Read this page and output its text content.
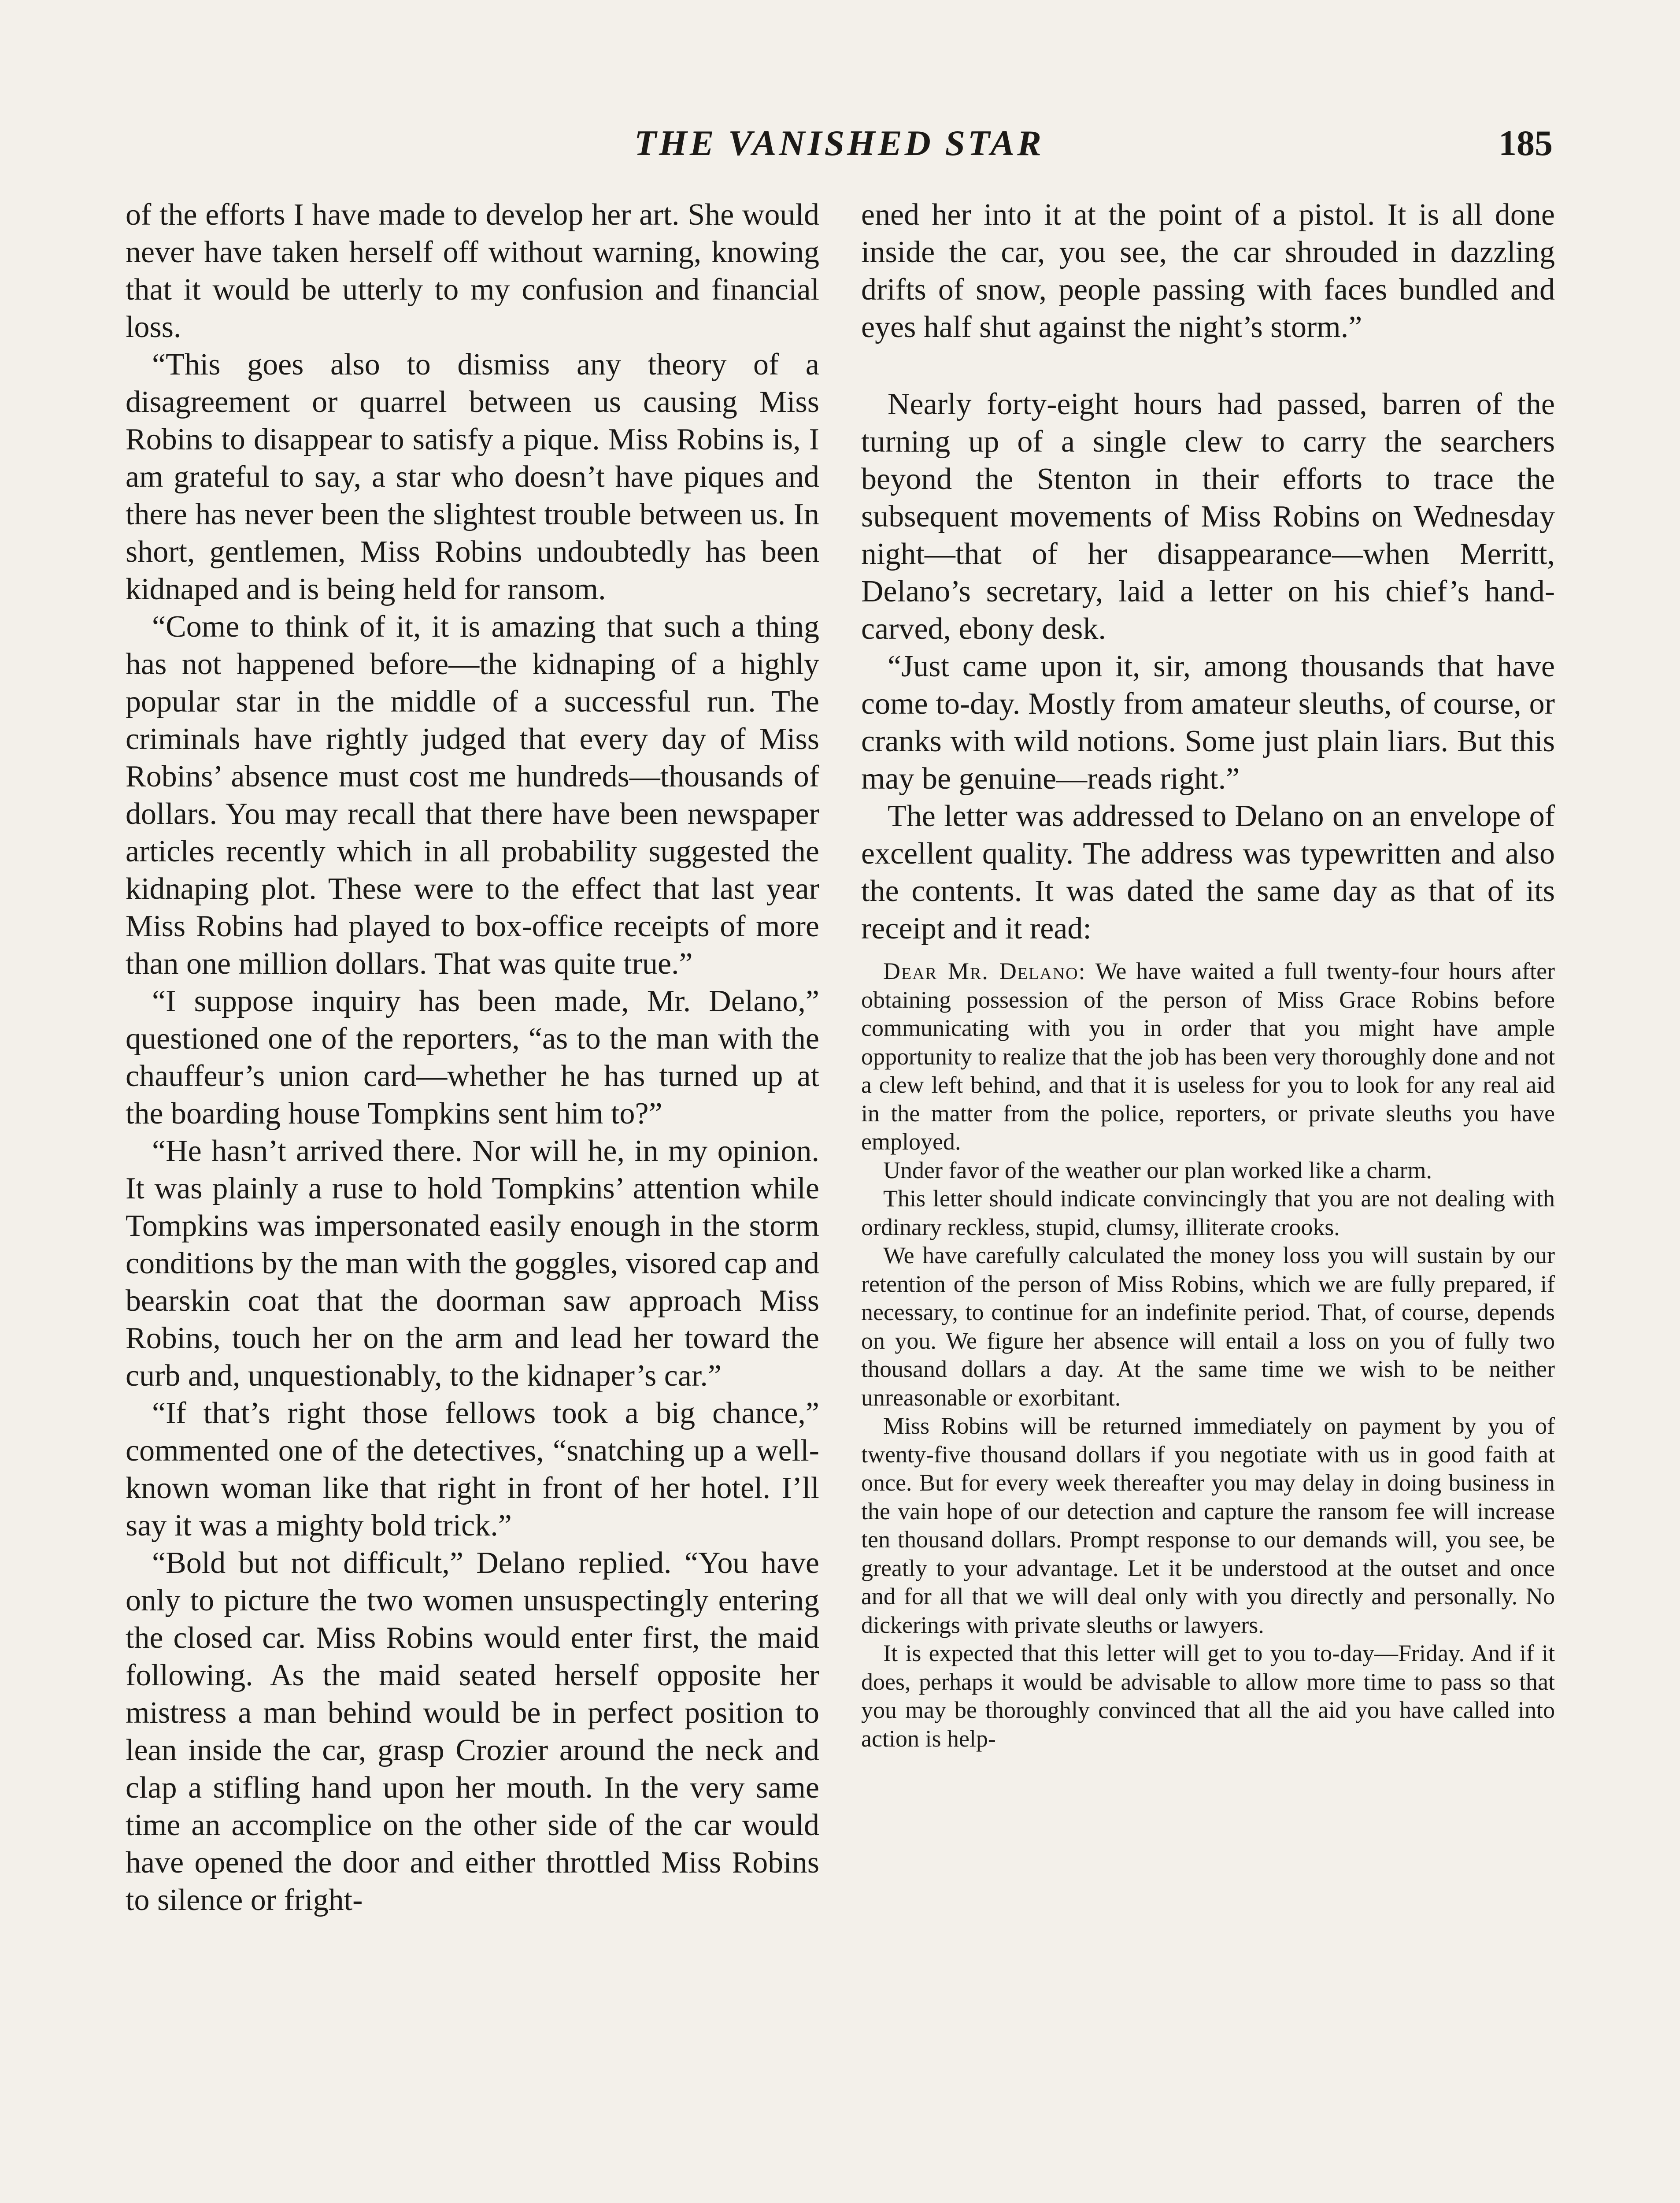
THE VANISHED STAR	185

of the efforts I have made to develop her art. She would never have taken herself off without warning, knowing that it would be utterly to my confusion and financial loss.

“This goes also to dismiss any theory of a disagreement or quarrel between us causing Miss Robins to disappear to satisfy a pique. Miss Robins is, I am grateful to say, a star who doesn’t have piques and there has never been the slightest trouble between us. In short, gentlemen, Miss Robins undoubtedly has been kidnaped and is being held for ransom.

“Come to think of it, it is amazing that such a thing has not happened before—the kidnaping of a highly popular star in the middle of a successful run. The criminals have rightly judged that every day of Miss Robins’ absence must cost me hundreds—thousands of dollars. You may recall that there have been newspaper articles recently which in all probability suggested the kidnaping plot. These were to the effect that last year Miss Robins had played to box-office receipts of more than one million dollars. That was quite true.”

“I suppose inquiry has been made, Mr. Delano,” questioned one of the reporters, “as to the man with the chauffeur’s union card—whether he has turned up at the boarding house Tompkins sent him to?”

“He hasn’t arrived there. Nor will he, in my opinion. It was plainly a ruse to hold Tompkins’ attention while Tompkins was impersonated easily enough in the storm conditions by the man with the goggles, visored cap and bearskin coat that the doorman saw approach Miss Robins, touch her on the arm and lead her toward the curb and, unquestionably, to the kidnaper’s car.”

“If that’s right those fellows took a big chance,” commented one of the detectives, “snatching up a well-known woman like that right in front of her hotel. I’ll say it was a mighty bold trick.”

“Bold but not difficult,” Delano replied. “You have only to picture the two women unsuspectingly entering the closed car. Miss Robins would enter first, the maid following. As the maid seated herself opposite her mistress a man behind would be in perfect position to lean inside the car, grasp Crozier around the neck and clap a stifling hand upon her mouth. In the very same time an accomplice on the other side of the car would have opened the door and either throttled Miss Robins to silence or fright-

ened her into it at the point of a pistol. It is all done inside the car, you see, the car shrouded in dazzling drifts of snow, people passing with faces bundled and eyes half shut against the night’s storm.”

Nearly forty-eight hours had passed, barren of the turning up of a single clew to carry the searchers beyond the Stenton in their efforts to trace the subsequent movements of Miss Robins on Wednesday night—that of her disappearance—when Merritt, Delano’s secretary, laid a letter on his chief’s hand-carved, ebony desk.

“Just came upon it, sir, among thousands that have come to-day. Mostly from amateur sleuths, of course, or cranks with wild notions. Some just plain liars. But this may be genuine—reads right.”

The letter was addressed to Delano on an envelope of excellent quality. The address was typewritten and also the contents. It was dated the same day as that of its receipt and it read:

Dear Mr. Delano: We have waited a full twenty-four hours after obtaining possession of the person of Miss Grace Robins before communicating with you in order that you might have ample opportunity to realize that the job has been very thoroughly done and not a clew left behind, and that it is useless for you to look for any real aid in the matter from the police, reporters, or private sleuths you have employed.

Under favor of the weather our plan worked like a charm.

This letter should indicate convincingly that you are not dealing with ordinary reckless, stupid, clumsy, illiterate crooks.

We have carefully calculated the money loss you will sustain by our retention of the person of Miss Robins, which we are fully prepared, if necessary, to continue for an indefinite period. That, of course, depends on you. We figure her absence will entail a loss on you of fully two thousand dollars a day. At the same time we wish to be neither unreasonable or exorbitant.

Miss Robins will be returned immediately on payment by you of twenty-five thousand dollars if you negotiate with us in good faith at once. But for every week thereafter you may delay in doing business in the vain hope of our detection and capture the ransom fee will increase ten thousand dollars. Prompt response to our demands will, you see, be greatly to your advantage. Let it be understood at the outset and once and for all that we will deal only with you directly and personally. No dickerings with private sleuths or lawyers.

It is expected that this letter will get to you to-day—Friday. And if it does, perhaps it would be advisable to allow more time to pass so that you may be thoroughly convinced that all the aid you have called into action is help-
